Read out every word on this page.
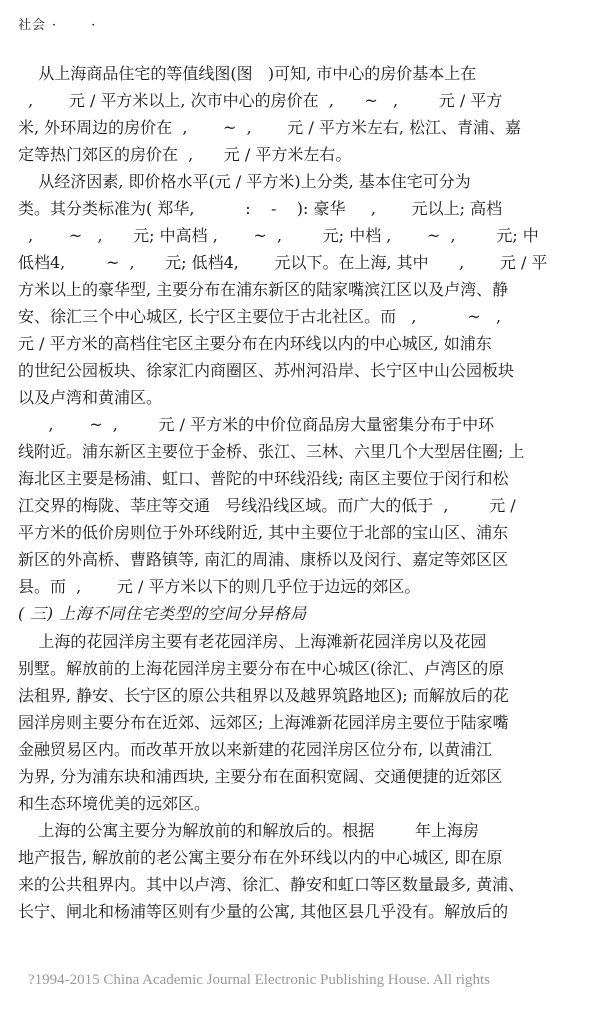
社会 ·	·
从上海商品住宅的等值线图(图   )可知, 市中心的房价基本上在
,       元 / 平方米以上, 次市中心的房价在  ,      ~   ,        元 / 平方
米, 外环周边的房价在  ,       ~  ,       元 / 平方米左右, 松江、青浦、嘉
定等热门郊区的房价在  ,      元 / 平方米左右。
从经济因素, 即价格水平(元 / 平方米)上分类, 基本住宅可分为
类。其分类标准为( 郑华,          :    -    ): 豪华     ,       元以上; 高档
,       ~   ,      元; 中高档 ,       ~  ,        元; 中档 ,       ~  ,        元; 中
低档4,        ~  ,      元; 低档4,       元以下。在上海, 其中      ,       元 / 平
方米以上的豪华型, 主要分布在浦东新区的陆家嘴滨江区以及卢湾、静
安、徐汇三个中心城区, 长宁区主要位于古北社区。而   ,          ~   ,
元 / 平方米的高档住宅区主要分布在内环线以内的中心城区, 如浦东
的世纪公园板块、徐家汇内商圈区、苏州河沿岸、长宁区中山公园板块
以及卢湾和黄浦区。
,       ~  ,        元 / 平方米的中价位商品房大量密集分布于中环
线附近。浦东新区主要位于金桥、张江、三林、六里几个大型居住圈; 上
海北区主要是杨浦、虹口、普陀的中环线沿线; 南区主要位于闵行和松
江交界的梅陇、莘庄等交通   号线沿线区域。而广大的低于  ,        元 /
平方米的低价房则位于外环线附近, 其中主要位于北部的宝山区、浦东
新区的外高桥、曹路镇等, 南汇的周浦、康桥以及闵行、嘉定等郊区区
县。而  ,       元 / 平方米以下的则几乎位于边远的郊区。
( 三) 上海不同住宅类型的空间分异格局
上海的花园洋房主要有老花园洋房、上海滩新花园洋房以及花园
别墅。解放前的上海花园洋房主要分布在中心城区(徐汇、卢湾区的原
法租界, 静安、长宁区的原公共租界以及越界筑路地区); 而解放后的花
园洋房则主要分布在近郊、远郊区; 上海滩新花园洋房主要位于陆家嘴
金融贸易区内。而改革开放以来新建的花园洋房区位分布, 以黄浦江
为界, 分为浦东块和浦西块, 主要分布在面积宽阔、交通便捷的近郊区
和生态环境优美的远郊区。
上海的公寓主要分为解放前的和解放后的。根据        年上海房
地产报告, 解放前的老公寓主要分布在外环线以内的中心城区, 即在原
来的公共租界内。其中以卢湾、徐汇、静安和虹口等区数量最多, 黄浦、
长宁、闸北和杨浦等区则有少量的公寓, 其他区县几乎没有。解放后的
?1994-2015 China Academic Journal Electronic Publishing House. All rights
